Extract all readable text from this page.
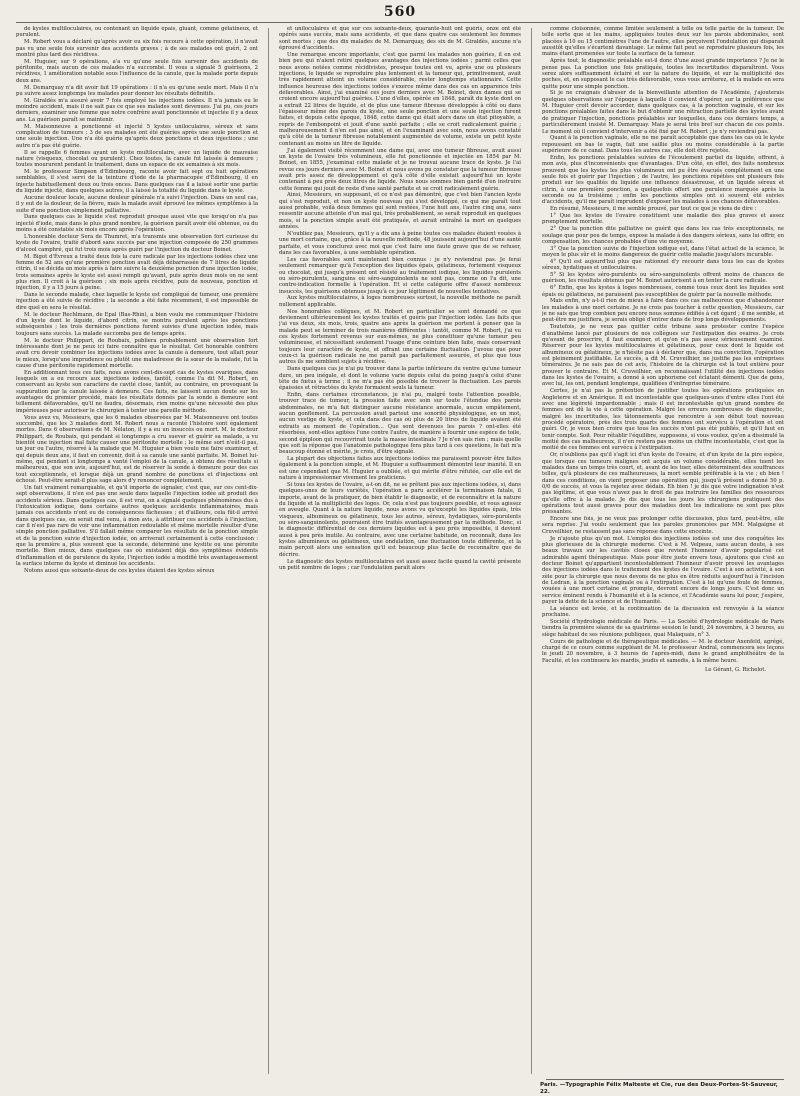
560

de kystes multiloculaires, ou contenant un liquide épais, gluant, comme gélatineux, et purulent.

M. Robert vous a déclaré qu'après avoir eu six fois recours à cette opération, il n'avait pas vu une seule fois survenir des accidents graves ; à de ses malades ont guéri, 2 ont montré plus tard des récidives.

M. Huguier, sur 9 opérations, a'a vu qu'une seule fois survenir des accidents de péritonite, mais aucun de ces malades n'a succombé. Il vous a signalé 5 guérisons, 2 récidives, 1 amélioration notable sous l'influence de la canule, que la malade porte depuis deux ans.

M. Demarquay n'a dit avoir fait 19 opérations : il n'a eu qu'une seule mort. Mais il n'a pu suivre assez longtemps les malades pour donner les résultats définitifs.

M. Giraldès m'a assuré avoir 7 fois employé les injections iodées. Il n'a jamais eu le moindre accident, mais il ne sait pas ce que ses malades sont devenues. J'ai pu, ces jours derniers, examiner une femme que notre confrère avait ponctionnée et injectée il y a deux ans. La guérison paraît se maintenir.

M. Maisonneuve a ponctionné et injecté 5 kystes uniloculaires, séreux et sans complication de tumeurs ; 3 de ses malades ont été guéries après une seule ponction et une seule injection. Une n'a été guérie qu'après deux ponctions et deux injections ; une autre n'a pas été guérie.

Il se rappelle 6 femmes ayant un kyste multiloculaire, avec un liquide de mauvaise nature (visqueux, chocolat ou purulent). Chez toutes, la canule fut laissée à demeure ; toutes moururent pendant le traitement, dans un espace de six semaines à six mois.

M. le professeur Simpson d'Édimbourg, raconte avoir fait sept ou huit opérations semblables, il s'est servi de la teinture d'iode de la pharmacopée d'Édimbourg, il en injecte habituellement deux ou trois onces. Dans quelques cas il a laissé sortir une partie du liquide injecté, dans quelques autres, il a laissé la totalité du liquide dans le kyste.

Aucune douleur locale, aucune douleur générale n'a suivi l'injection. Dans un seul cas, il y eut de la douleur, de la fièvre, mais la malade avait éprouvé les mêmes symptômes à la suite d'une ponction simplement palliative.

Dans quelques cas le liquide s'est reproduit presque aussi vite que lorsqu'on n'a pas injecté d'iode, mais dans le plus grand nombre, la guérison paraît avoir été obtenue, ou du moins a été constatée six mois encore après l'opération.

L'honorable docteur Sera de Thumret, m'a transmis une observation fort curieuse du kyste de l'ovaire, traité d'abord sans succès par une injection composée de 250 grammes d'alcool camphré, qui fut trois mois après guéri par l'injection du docteur Boinet.

M. Bigot d'Évreux a traité deux fois la cure radicale par les injections iodées chez une femme de 52 ans qu'une première ponction avait déjà débarrassée de 7 litres de liquide citrin, il se décida un mois après à faire suivre la deuxième ponction d'une injection iodée, trois semaines après le kyste est aussi rempli qu'avant, puis après deux mois on ne sent plus rien. Il croit à la guérison ; six mois après récidive, puis de nouveau, ponction et injection, il y a 15 jours à peine.

Dans le seconde malade, chez laquelle le kyste est compliqué de tumeur, une première injection a été suivie de récidive ; la seconde a été faite récemment, il est impossible de dire quel en sera le résultat.

M. le docteur Rechlmann, de Epal (Bas-Rhin), a bien voulu me communiquer l'histoire d'un kyste dont le liquide, d'abord citrin, se montra purulent après les ponctions subséquentes ; les trois dernières ponctions furent suivies d'une injection iodée, mais toujours sans succès. La malade succomba peu de temps après.

M. le docteur Philippart, de Roubaix, publiera probablement une observation fort intéressante dont je ne peux ici faire connaître que le résultat. Cet honorable confrère avait cru devoir combiner les injections iodées avec la canule à demeure, tout allait pour le mieux, lorsqu'une imprudence ou plutôt une maladresse de la sœur de la malade, fut la cause d'une péritonite rapidement mortelle.

En additionnant tous ces faits, nous avons cent-dix-sept cas de kystes ovariques, dans lesquels on a eu recours aux injections iodées, tantôt, comme l'a dit M. Robert, en conservant au kyste son caractère de cavité close, tantôt, au contraire, en provoquant la suppuration par la canule laissée à demeure. Ces faits, ne laissent aucun doute sur les avantages du premier procédé, mais les résultats donnés par la sonde à demeure sont tellement défavorables, qu'il ne faudra, désormais, rien moins qu'une nécessité des plus impérieuses pour autoriser le chirurgien à tenter une pareille méthode.

Vous avez vu, Messieurs, que les 6 malades observées par M. Maisonneuve ont toutes succombé, que les 3 malades dont M. Robert nous a raconté l'histoire sont également mortes. Dans 6 observations de M. Nélaton, il y a eu un insuccès ou mort. M. le docteur Philippart, de Roubaix, qui pendant si longtemps a cru suever et guérir sa malade, a vu bientôt une injection mal faite causer une péritonite mortelle ; le même sort n'eût-il pas, un jour ou l'autre, réservé à la malade que M. Huguier a bien voulu me faire examiner, et qui depuis deux ans, il faut en convenir, doit à sa canule une santé parfaite. M. Boinet lui-même, qui pendant si longtemps a vanté l'emploi de la canule, a obtenu des résultats si malheureux, que son avis, aujourd'hui, est de réserver la sonde à demeure pour des cas tout exceptionnels, et lorsque déjà un grand nombre de ponctions et d'injections ont échoué. Peut-être serait-il plus sage alors d'y renoncer complètement.

Un fait vraiment remarquable, et qu'il importe de signaler, c'est que, sur ces cent-dix-sept observations, il n'en est pas une seule dans laquelle l'injection iodée ait produit des accidents sérieux. Dans quelques cas, il est vrai, on a signalé quelques phénomènes dus à l'intoxication iodique, dans certains autres quelques accidents inflammatoires, mais jamais ces accidents n'ont eu de conséquences fâcheuses ; et d'ailleurs, cela fût-il arrivé dans quelques cas, on serait mal venu, à mon avis, à attribuer ces accidents à l'injection, car il n'est pas rare de voir une inflammation redoutable et même mortelle résulter d'une simple ponction palliative. S'il fallait même comparer les résultats de la ponction simple et de la ponction suivie d'injection iodée, on arriverait certainement à cette conclusion : que la première a, plus souvent que la seconde, déterminé une kystite ou une péronite mortelle. Bien mieux, dans quelques cas où existaient déjà des symptômes évidents d'inflammation et de purulence du kyste, l'injection iodée a modifié très avantageusement la surface interne du kyste et diminué les accidents.

Notons aussi que soixante-deux de ces kystes étaient des kystes séreux

et uniloculaires et que sur ces soixante-deux, quarante-huit ont guéris, onze ont été opérés sans succès, mais sans accidents, et que dans quatre cas seulement les femmes sont mortes ; que des dix malades de M. Demarquay, des six de M. Giraldès, aucune n'a éprouvé d'accidents.

Une remarque encore importante, c'est que parmi les malades non guéries, il en est bien peu qui n'aient retiré quelques avantages des injections iodées ; parmi celles que nous avons notées comme récidivistes, presque toutes ont vu, après une ou plusieurs injections, le liquide se reproduire plus lentement et la tumeur qui, primitivement, avait très rapidement atteint un volume considérable, rester longtemps stationnaire. Cette influence heureuse des injections iodées s'exerce même dans des cas en apparence très défavorables. Ainsi, j'ai examiné ces jours derniers avec M. Boinet, deux dames qui se croient encore aujourd'hui guéries. L'une d'elles, opérée en 1848, paraît du kyste dont on a extrait 22 litres de liquide, et de plus une tumeur fibreuse développée à côté ou dans l'épaisseur même des parois du kyste, une seule ponction et une seule injection furent faites, et depuis cette époque, 1848, cette dame qui était alors dans un état pitoyable, a repris de l'embonpoint et jouit d'une santé parfaite ; elle se croit radicalement guérie ; malheureusement il n'en est pas ainsi, et en l'examinant avec soin, nous avons constaté qu'à côté de la tumeur fibreuse notablement augmentée de volume, existe un petit kyste contenant au moins un litre de liquide.

J'ai également visité récemment une dame qui, avec une tumeur fibreuse, avait aussi un kyste de l'ovaire très volumineux, elle fut ponctionnée et injectée en 1854 par M. Boinet, en 1855, j'examinai cette malade et je ne trouvai aucune trace de kyste. Je l'ai revue ces jours derniers avec M. Boinet et nous avons pu constater que la tumeur fibreuse avait pris assez de développement et qu'à côté d'elle existait aujourd'hui un kyste contenant à peu près deux litres de liquide. Nous nous sommes bien gardé d'en instruire cette femme qui jouit de reste d'une santé parfaite et se croit radicalement guérie.

Ainsi, Messieurs, en supposant, et ce n'est pas démontré, que c'est bien l'ancien kyste qui s'est reproduit, et non un kyste nouveau qui s'est développé, ce qui me paraît tout aussi probable, voilà deux femmes qui sont restées, l'une huit ans, l'autre cinq ans, sans ressentir aucune atteinte d'un mal qui, très probablement, se serait reproduit en quelques mois, si la ponction simple avait été pratiquée, et aurait entraîné la mort en quelques années.

N'oubliez pas, Messieurs, qu'il y a dix ans à peine toutes ces malades étaient vouées à une mort certaine, que, grâce à la nouvelle méthode, 48 jouissent aujourd'hui d'une santé parfaite, et vous conclurez avec moi que c'est faire une faute grave que de se refuser, dans les cas favorables, à une semblable opération.

Les cas favorables sont maintenant bien connus : je n'y reviendrai pas. Je ferai seulement remarquer qu'à l'exception des liquides épais, gélatineux, fortement visqueux ou chocolat, qui jusqu'à présent ont résisté au traitement iodique, les liquides purulents ou séro-purulents, sanguins ou séro-sanguinolents ne sont pas, comme on l'a dit, une contre-indication formelle à l'opération. Et si cette catégorie offre d'assez nombreux insuccès, les guérisons obtenues jusqu'à ce jour légitiment de nouvelles tentatives.

Aux kystes multiloculaires, à loges nombreuses surtout, la nouvelle méthode ne paraît nullement applicable.

Nos honorables collègues, et M. Robert en particulier se sont demandé ce que deviennent ultérieurement les kystes traités et guéris par l'injection iodée. Les faits que j'ai vus deux, six mois, trois, quatre ans après la guérison me portent à penser que la malade peut se terminer de trois manières différentes : tantôt, comme M. Robert, j'ai vu ces kystes fortement revenus sur eux-mêmes, ne plus constituer qu'une tumeur peu volumineuse, et nécessitant seulement l'usage d'une ceinture bien faite, mais conservant toujours leur caractère de kyste, et offrant une certaine fluctuation. J'avoue que pour ceux-ci la guérison radicale ne me paraît pas parfaitement assurée, et plus que tous autres ils me semblent sujets à récidive.

Dans quelques cas je n'ai pu trouver dans la partie inférieure du ventre qu'une tumeur dure, un peu inégale, et dont le volume varie depuis celui du poing jusqu'à celui d'une tête de fœtus à terme ; il ne m'a pas été possible de trouver la fluctuation. Les parois épaissies et rétractées du kyste formaient seuls la tumeur.

Enfin, dans certaines circonstances, je n'ai pu, malgré toute l'attention possible, trouver trace de tumeur, la pression faite avec soin sur toute l'étendue des parois abdominales, ne m'a fait distinguer aucune résistance anormale, aucun empâtement, aucun gonflement. La percussion avait partout une sonorité physiologique, en un mot, aucun vestige du kyste, et cela dans des cas où plus de 20 litres de liquide avaient été extraits au moment de l'opération... Que sont devenues les parois ? ont-elles été résorbées, sont-elles agitées l'une contre l'autre, de manière à fournir une espèce de toile, second épiploon qui recouvrirait toute la masse intestinale ? Je n'en sais rien ; mais quelle que soit la réponse que l'anatomie pathologique fera plus tard à ces questions, le fait m'a beaucoup étonné et mérite, je crois, d'être signalé.

La plupart des objections faites aux injections iodées me paraissent pouvoir être faites également à la ponction simple, et M. Huguier a suffisamment démontré leur inanité. Il en est une cependant que M. Huguier a oubliée, et qui mérite d'être réfutée, car elle est de nature à impressionner vivement les praticiens.

Si tous les kystes de l'ovaire, a-t-on dit, ne se prêtent pas aux injections iodées, si, dans quelques-unes de leurs variétés, l'opération a paru accélérer la terminaison fatale, il importe, avant de la pratiquer, de bien établir le diagnostic, et de reconnaître et la nature du liquide et la multiplicité des loges. Or, cela n'est pas toujours possible, et vous agissez en aveugle. Quant à la nature liquide, nous avons vu qu'excepté les liquides épais, très visqueux, albumineux ou gélatineux, tous les autres, séreux, hydatiques, séro-purulents ou séro-sanguinolents, pourraient être traités avantageusement par la méthode. Donc, si le diagnostic différentiel de ces derniers liquides est à peu près impossible, il devient aussi à peu près inutile. Au contraire, avec une certaine habitude, on reconnaît, dans les kystes albumineux ou gélatineux, une ondulation, une fluctuation toute différente, et la main perçoit alors une sensation qu'il est beaucoup plus facile de reconnaître que de décrire.

Le diagnostic des kystes multiloculaires est aussi assez facile quand la cavité présente un petit nombre de loges ; car l'ondulation paraît alors

comme cloisonnée, comme limitée seulement à telle ou telle partie de la tumeur. De telle sorte que si les mains, appliquées toutes deux sur les parois abdominales, sont placées à 10 ou 15 centimètres l'une de l'autre, elles perçoivent l'ondulation qui disparaît aussitôt qu'elles s'écartent davantage. Le même fait peut se reproduire plusieurs fois, les mains étant promenées sur toute la surface de la tumeur.

Après tout, le diagnostic préalable est-il donc d'une aussi grande importance ? Je ne le pense pas. La ponction une fois pratiquée, toutes les incertitudes disparaîtront. Vous serez alors suffisamment éclairé et sur la nature du liquide, et sur la multiplicité des poches, et, en supposant le cas très défavorable, vous vous arrêterez, et la malade en sera quitte pour une simple ponction.

Si je ne craignais d'abuser de la bienveillante attention de l'Académie, j'ajouterais quelques observations sur l'époque à laquelle il convient d'opérer, sur la préférence que M. Huguier croit devoir accorder, dans quelques cas, à la ponction vaginale, et sur les ponctions préalables faites dans le but d'obtenir une rétraction partielle des kystes avant de pratiquer l'injection, ponctions préalables sur lesquelles, dans ces derniers temps, a particulièrement insisté M. Demarquay. Mais je serai très bref sur chacun de ces points. Le moment où il convient d'intervenir a été fixé par M. Robert ; je n'y reviendrai pas.

Quant à la ponction vaginale, elle ne me paraît acceptable que dans les cas où le kyste repoussant en bas le vagin, fait une saillie plus ou moins considérable à la partie supérieure de ce canal. Dans tous les autres cas, elle doit être rejetée.

Enfin, les ponctions préalables suivies de l'écoulement partiel du liquide, offrent, à mon avis, plus d'inconvénients que d'avantages. D'un côté, en effet, des faits nombreux prouvent que les kystes les plus volumineux ont pu être évacués complètement en une seule fois et guérir par l'injection ; de l'autre, les ponctions répétées ont plusieurs fois produit sur les qualités du liquide une influence désastreuse, et un liquide séreux et citrin, à une première ponction, a quelquefois offert une purulence marquée après la seconde ou la troisième ; enfin les ponctions simples ont si souvent été suivies d'accidents, qu'il me paraît imprudent d'exposer les malades à ces chances défavorables.

En résumé, Messieurs, il me semble prouvé, par tout ce que je viens de dire :

1° Que les kystes de l'ovaire constituent une maladie des plus graves et assez promptement mortelle.

2° Que la ponction dite palliative ne guérit que dans les cas très exceptionnels, ne soulage que pour peu de temps, expose la malade à des dangers sérieux, sans lui offrir, en compensation, les chances probables d'une vie moyenne.

3° Que la ponction suivie de l'injection iodique est, dans l'état actuel de la science, le moyen le plus sûr et le moins dangereux de guérir cette maladie jusqu'alors incurable.

4° Qu'il est aujourd'hui plus que rationnel d'y recourir dans tous les cas de kystes séreux, hydatiques et uniloculaires.

5° Si les kystes séro-purulents ou séro-sanguinolents offrent moins de chances de guérison, les résultats obtenus par M. Boinet autorisent à en tenter la cure radicale.

6° Enfin, que les kystes à loges nombreuses, comme tous ceux dont les liquides sont épais ou gélatineux, ne paraissent pas susceptibles de guérir par la nouvelle méthode.

Mais enfin, n'y a-t-il rien de mieux à faire dans ces cas malheureux que d'abandonner les malades à une mort certaine. Je ne crois pas toucher à cette question, Messieurs, car je ne sais que trop combien peu encore nous sommes édifiés à cet égard ; il me semble, et peut-être me justifiera, je serais obligé d'entrer dans de trop longs développements.

Toutefois, je ne veux pas quitter cette tribune sans protester contre l'espèce d'anathème lancé par plusieurs de nos collègues sur l'extirpation des ovaires. Je crois qu'avant de proscrire, il faut examiner, et qu'on n'a pas assez sérieusement examiné. Réserver pour les kystes multiloculaires et gélatineux, pour ceux dont le liquide est albumineux ou gélatineux, je n'hésite pas à déclarer que, dans ma conviction, l'opération est pleinement justifiable. Le succès, a dit M. Cruveilhier, ne justifie pas les entreprises téméraires. Je ne sais pas de cet avis, l'histoire de la chirurgie est là tout entière pour prouver le contraire. Et M. Cruveilhier, en reconnaissant l'utilité des injections iodées dans les kystes de l'ovaire, a donné à son aphorisme cet éclatant démenti. Que de gens, avec lui, les ont, pendant longtemps, qualifiées d'entreprise téméraire.

Certes, je n'ai pas la prétention de justifier toutes les opérations pratiquées en Angleterre et en Amérique. Il est incontestable que quelques-unes d'entre elles l'ont été avec une légèreté impardonnable ; mais il est incontestable qu'un grand nombre de femmes ont dû la vie à cette opération. Malgré les erreurs nombreuses de diagnostic, malgré les incertitudes, les tâtonnements que rencontre à son début tout nouveau procédé opératoire, près des trois quarts des femmes ont survécu à l'opération et ont guéri. Or, je veux bien croire que tous les succès n'ont pas été publiés, et qu'il faut en tenir compte. Soit. Pour rétablir l'équilibre, supposons, si vous voulez, qu'on a dissimulé la moitié des cas malheureux, il n'en restera pas moins un chiffre incontestable, c'est que la moitié de ces femmes ont survécu à l'extirpation.

Or, n'oublions pas qu'il s'agit ici d'un kyste de l'ovaire, et d'un kyste de la pire espèce, que lorsque ces tumeurs malignes ont acquis un volume considérable, elles tuent les malades dans un temps très court, et, avant de les tuer, elles déterminent des souffrances telles, qu'à plusieurs de ces malheureuses, la mort semble préférable à la vie ; eh bien ! dans ces conditions, on vient proposer une opération qui, jusqu'à présent a donné 50 p. 0/0 de succès, et vous la rejetez avec dédain. Eh bien ! je dis que votre indignation n'est pas légitime, et que vous n'avez pas le droit de pas instruire les familles des ressources qu'elle offre à la malade. Je dis que tous les jours les chirurgiens pratiquent des opérations tout aussi graves pour des maladies dont les indications ne sont pas plus pressantes.

Encore une fois, je ne veux pas prolonger cette discussion, plus tard, peut-être, elle sera reprise. J'ai voulu seulement que les paroles prononcées par MM. Malgaigne et Cruveilhier, ne restassent pas sans réponse dans cette enceinte.

Je n'ajoute plus qu'un mot. L'emploi des injections iodées est une des conquêtes les plus glorieuses de la chirurgie moderne. C'est à M. Velpeau, sans aucun doute, à ses beaux travaux sur les cavités closes que revient l'honneur d'avoir popularisé cet admirable agent thérapeutique. Mais pour être juste envers tous, ajoutons que c'est au docteur Boinet qu'appartient incontestablement l'honneur d'avoir prouvé les avantages des injections iodées dans le traitement des kystes de l'ovaire. C'est à son activité, à son zèle pour la chirurgie que nous devons de ne plus en être réduits aujourd'hui à l'incision de Ledran, à la ponction vaginale ou à l'extirpation. C'est à lui qu'une foule de femmes, vouées à une mort certaine et prompte, devront encore de longs jours. C'est donc un service éminent rendu à l'humanité et à la science, et l'Académie saura lui pour, j'espère, payer la dette de la science et de l'humanité.

La séance est levée, et la continuation de la discussion est renvoyée à la séance prochaine.

Société d'hydrologie médicale de Paris. — La Société d'hydrologie médicale de Paris tiendra la première séance de sa quatrième session le lundi, 24 novembre, à 3 heures, au siège habituel de ses réunions publiques, quai Malaquais, n° 3.

Cours de pathologie et de thérapeutique médicales. — M. le docteur Axenfeld, agrégé, chargé de ce cours comme suppléant de M. le professeur Andral, commencera ses leçons le jeudi 20 novembre, à 3 heures de l'après-midi, dans le grand amphithéâtre de la Faculté, et les continuera les mardis, jeudis et samedis, à la même heure.

Le Gérant, G. Richelot.

Paris. —Typographie Félix Malteste et Cie, rue des Deux-Portes-St-Sauveur, 22.
